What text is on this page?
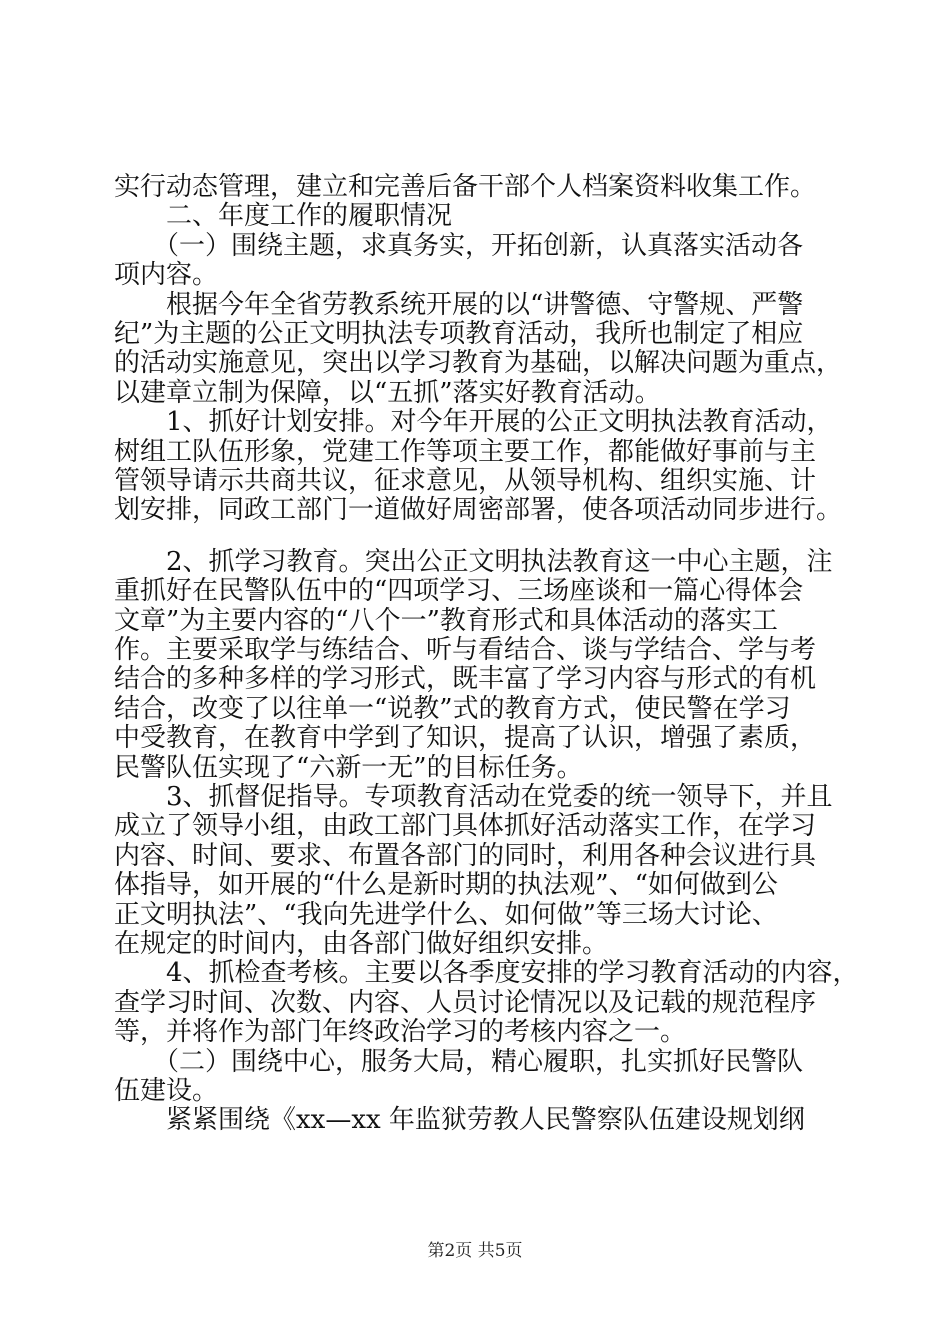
实行动态管理，建立和完善后备干部个人档案资料收集工作。
　　二、年度工作的履职情况
　　（一）围绕主题，求真务实，开拓创新，认真落实活动各
项内容。
　　根据今年全省劳教系统开展的以“讲警德、守警规、严警
纪”为主题的公正文明执法专项教育活动，我所也制定了相应
的活动实施意见，突出以学习教育为基础，以解决问题为重点，
以建章立制为保障，以“五抓”落实好教育活动。
　　1、抓好计划安排。对今年开展的公正文明执法教育活动，
树组工队伍形象，党建工作等项主要工作，都能做好事前与主
管领导请示共商共议，征求意见，从领导机构、组织实施、计
划安排，同政工部门一道做好周密部署，使各项活动同步进行。
　　2、抓学习教育。突出公正文明执法教育这一中心主题，注
重抓好在民警队伍中的“四项学习、三场座谈和一篇心得体会
文章”为主要内容的“八个一”教育形式和具体活动的落实工
作。主要采取学与练结合、听与看结合、谈与学结合、学与考
结合的多种多样的学习形式，既丰富了学习内容与形式的有机
结合，改变了以往单一“说教”式的教育方式，使民警在学习
中受教育，在教育中学到了知识，提高了认识，增强了素质，
民警队伍实现了“六新一无”的目标任务。
　　3、抓督促指导。专项教育活动在党委的统一领导下，并且
成立了领导小组，由政工部门具体抓好活动落实工作，在学习
内容、时间、要求、布置各部门的同时，利用各种会议进行具
体指导，如开展的“什么是新时期的执法观”、“如何做到公
正文明执法”、“我向先进学什么、如何做”等三场大讨论、
在规定的时间内，由各部门做好组织安排。
　　4、抓检查考核。主要以各季度安排的学习教育活动的内容，
查学习时间、次数、内容、人员讨论情况以及记载的规范程序
等，并将作为部门年终政治学习的考核内容之一。
　　（二）围绕中心，服务大局，精心履职，扎实抓好民警队
伍建设。
第2页 共5页
　　紧紧围绕《xx—xx 年监狱劳教人民警察队伍建设规划纲
